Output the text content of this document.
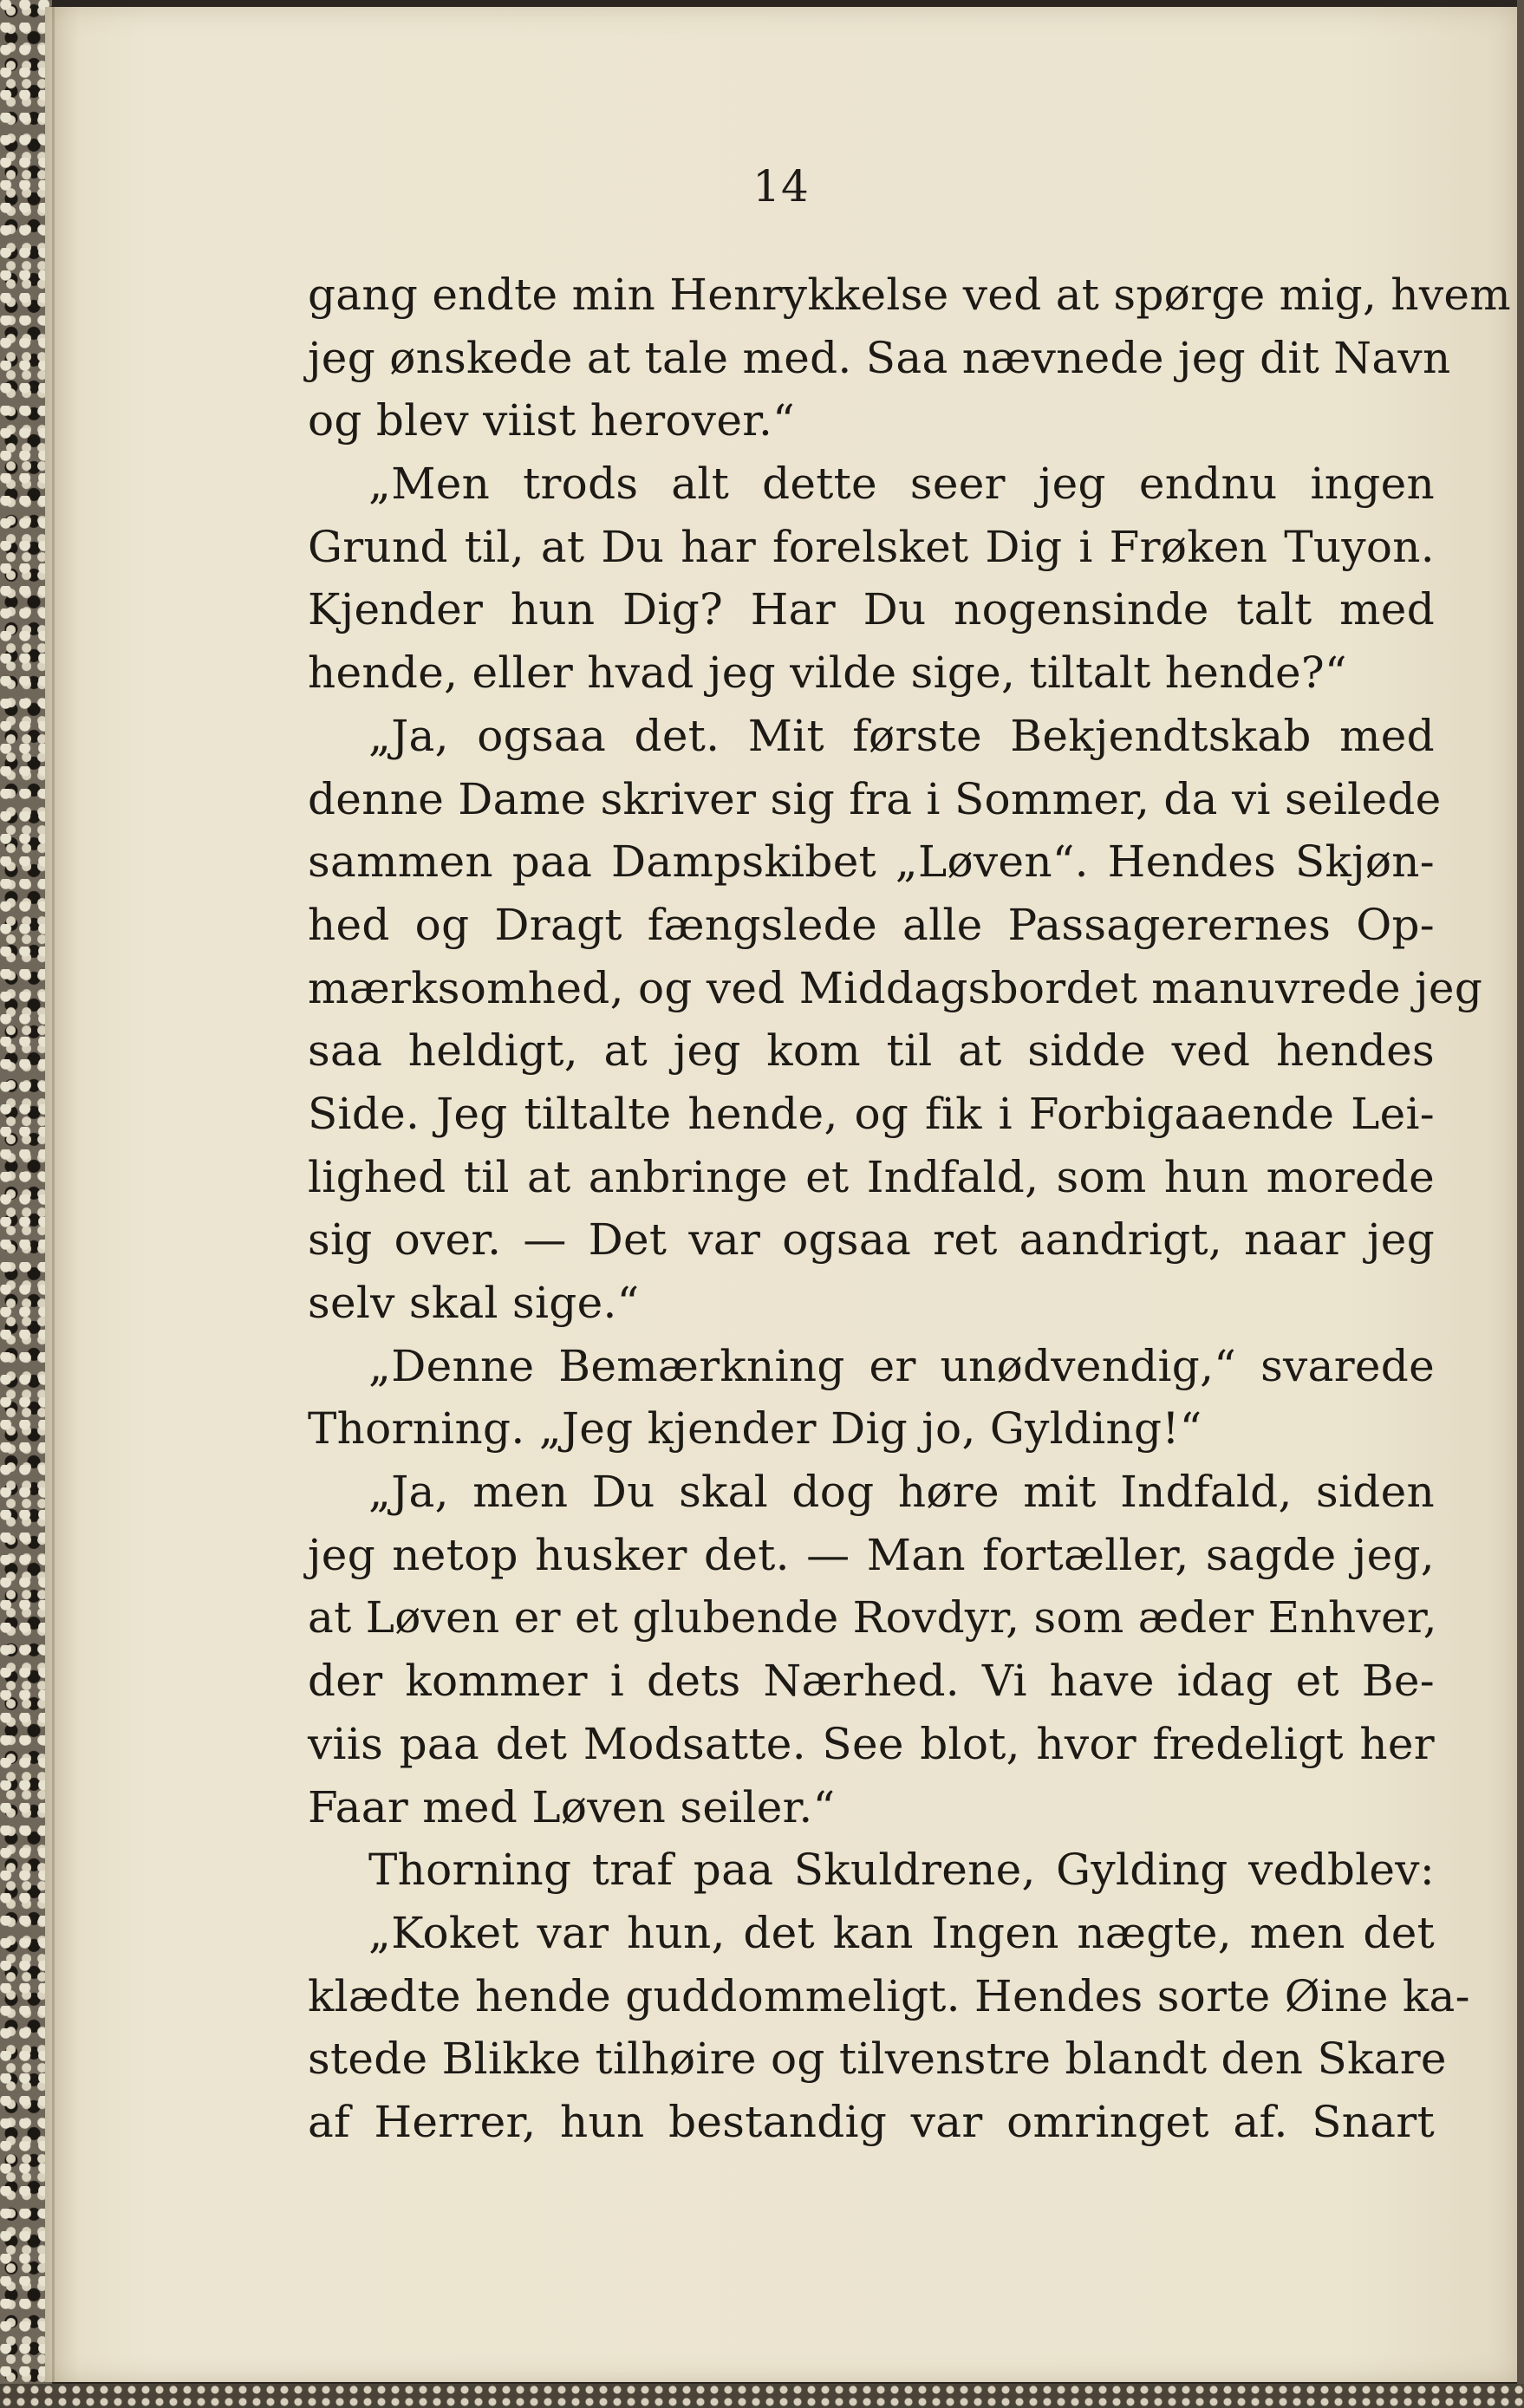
14
gang endte min Henrykkelse ved at spørge mig, hvem
jeg ønskede at tale med. Saa nævnede jeg dit Navn
og blev viist herover.“
„Men trods alt dette seer jeg endnu ingen
Grund til, at Du har forelsket Dig i Frøken Tuyon.
Kjender hun Dig? Har Du nogensinde talt med
hende, eller hvad jeg vilde sige, tiltalt hende?“
„Ja, ogsaa det. Mit første Bekjendtskab med
denne Dame skriver sig fra i Sommer, da vi seilede
sammen paa Dampskibet „Løven“. Hendes Skjøn-
hed og Dragt fængslede alle Passagerernes Op-
mærksomhed, og ved Middagsbordet manuvrede jeg
saa heldigt, at jeg kom til at sidde ved hendes
Side. Jeg tiltalte hende, og fik i Forbigaaende Lei-
lighed til at anbringe et Indfald, som hun morede
sig over. — Det var ogsaa ret aandrigt, naar jeg
selv skal sige.“
„Denne Bemærkning er unødvendig,“ svarede
Thorning. „Jeg kjender Dig jo, Gylding!“
„Ja, men Du skal dog høre mit Indfald, siden
jeg netop husker det. — Man fortæller, sagde jeg,
at Løven er et glubende Rovdyr, som æder Enhver,
der kommer i dets Nærhed. Vi have idag et Be-
viis paa det Modsatte. See blot, hvor fredeligt her
Faar med Løven seiler.“
Thorning traf paa Skuldrene, Gylding vedblev:
„Koket var hun, det kan Ingen nægte, men det
klædte hende guddommeligt. Hendes sorte Øine ka-
stede Blikke tilhøire og tilvenstre blandt den Skare
af Herrer, hun bestandig var omringet af. Snart
